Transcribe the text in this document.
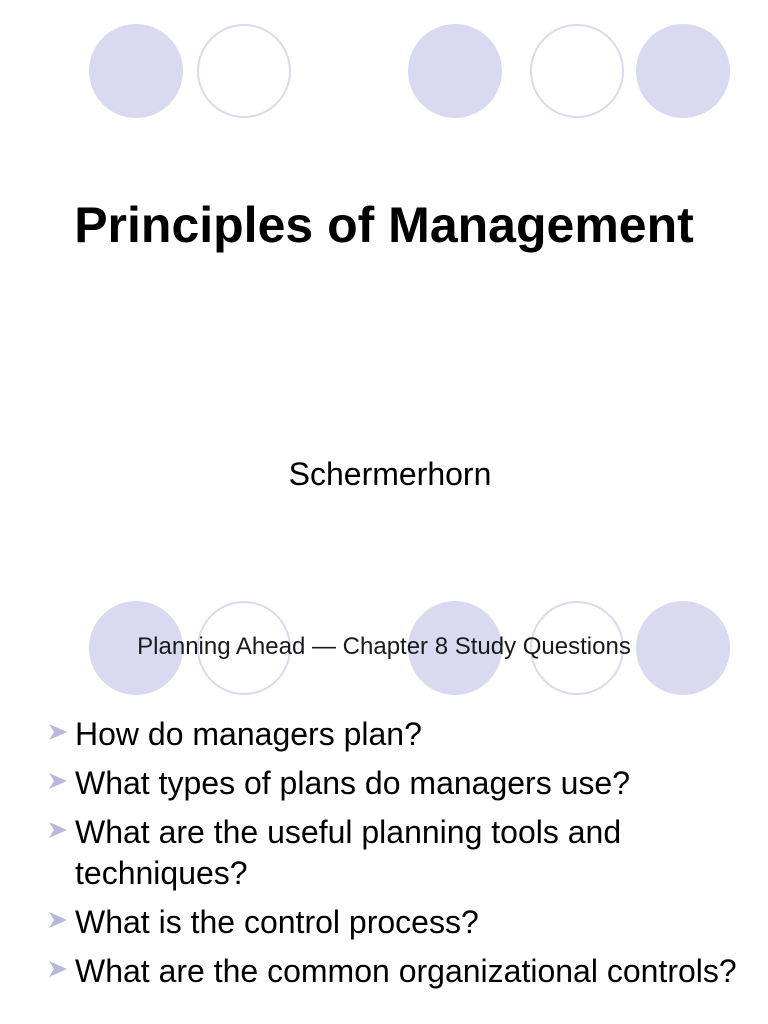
Principles of Management

Schermerhorn

Planning Ahead — Chapter 8 Study Questions

How do managers plan?
What types of plans do managers use?
What are the useful planning tools and techniques?
What is the control process?
What are the common organizational controls?
